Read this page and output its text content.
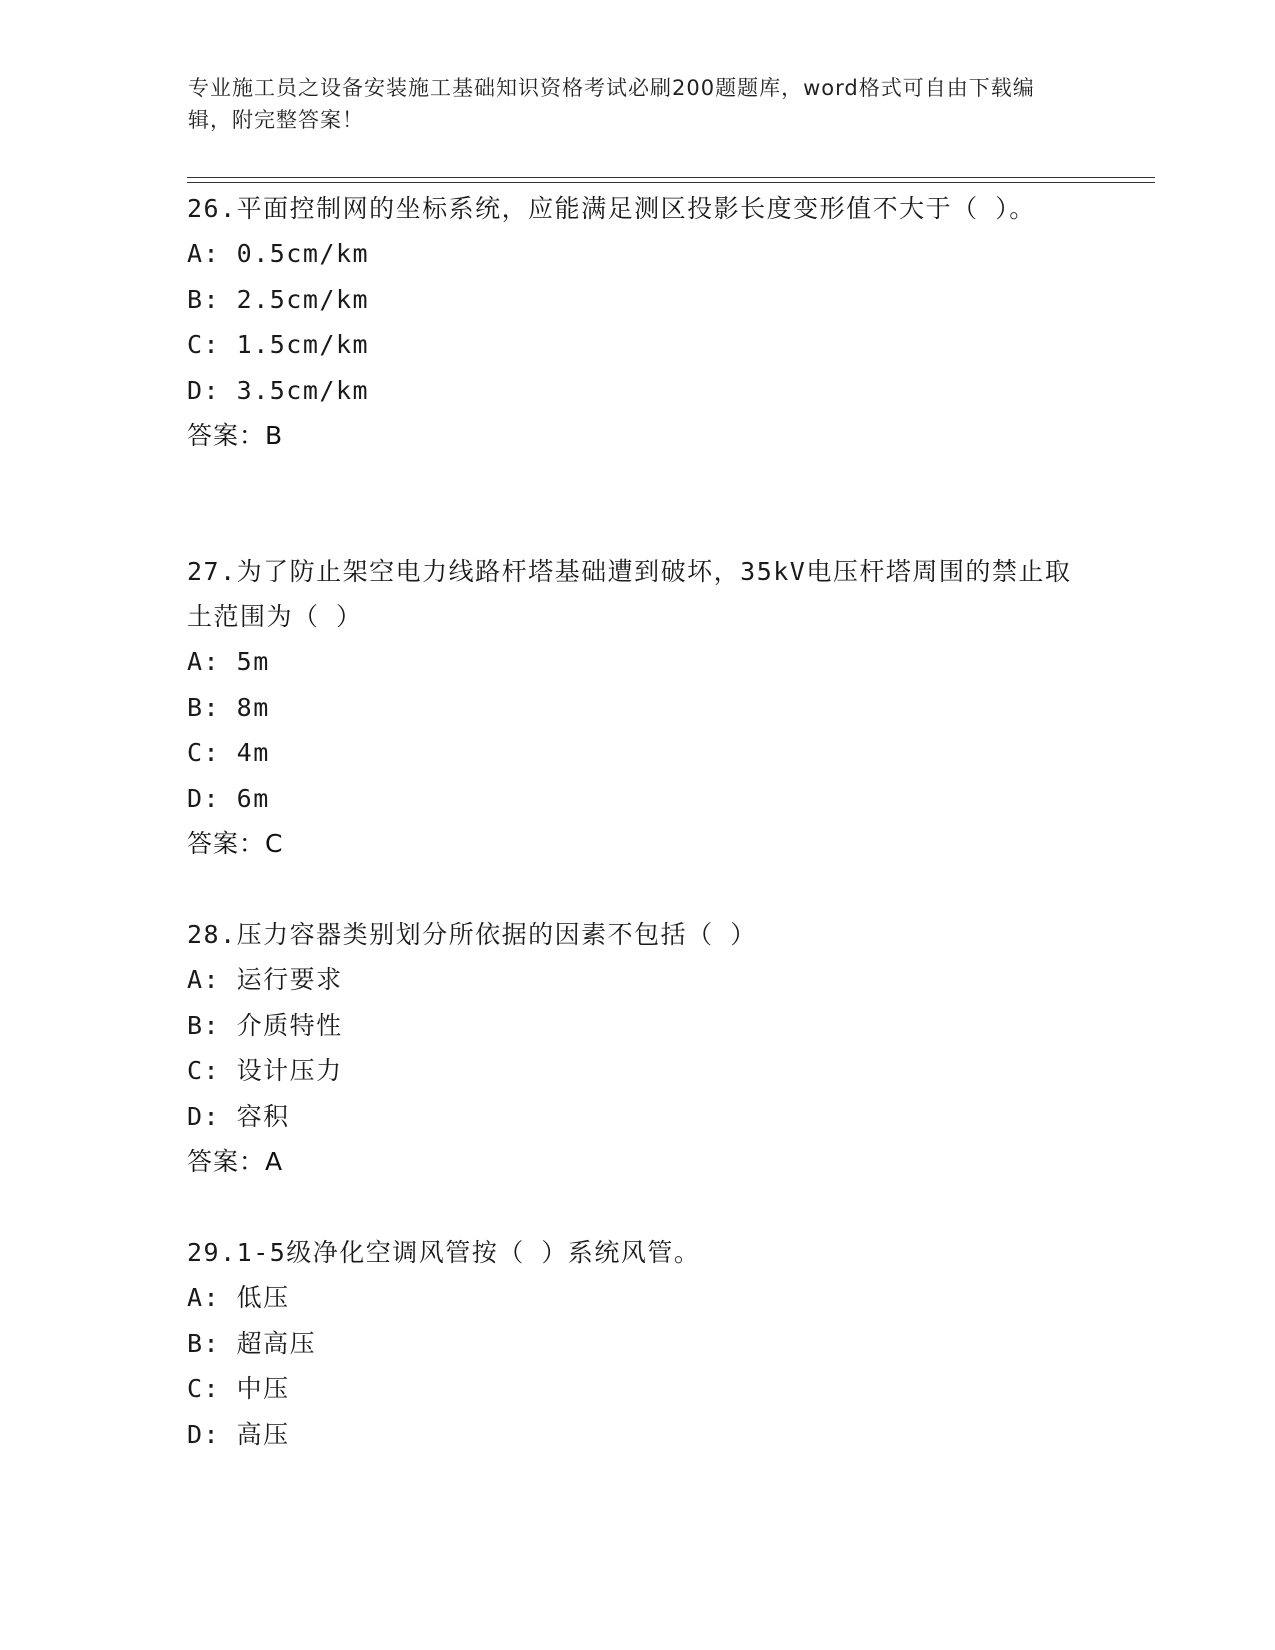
专业施工员之设备安装施工基础知识资格考试必刷200题题库，word格式可自由下载编辑，附完整答案！

26.平面控制网的坐标系统，应能满足测区投影长度变形值不大于（ ）。

A: 0.5cm/km
B: 2.5cm/km
C: 1.5cm/km
D: 3.5cm/km
答案：B

27.为了防止架空电力线路杆塔基础遭到破坏，35kV电压杆塔周围的禁止取土范围为（ ）

A: 5m
B: 8m
C: 4m
D: 6m
答案：C

28.压力容器类别划分所依据的因素不包括（ ）

A: 运行要求
B: 介质特性
C: 设计压力
D: 容积
答案：A

29.1-5级净化空调风管按（ ）系统风管。

A: 低压
B: 超高压
C: 中压
D: 高压
